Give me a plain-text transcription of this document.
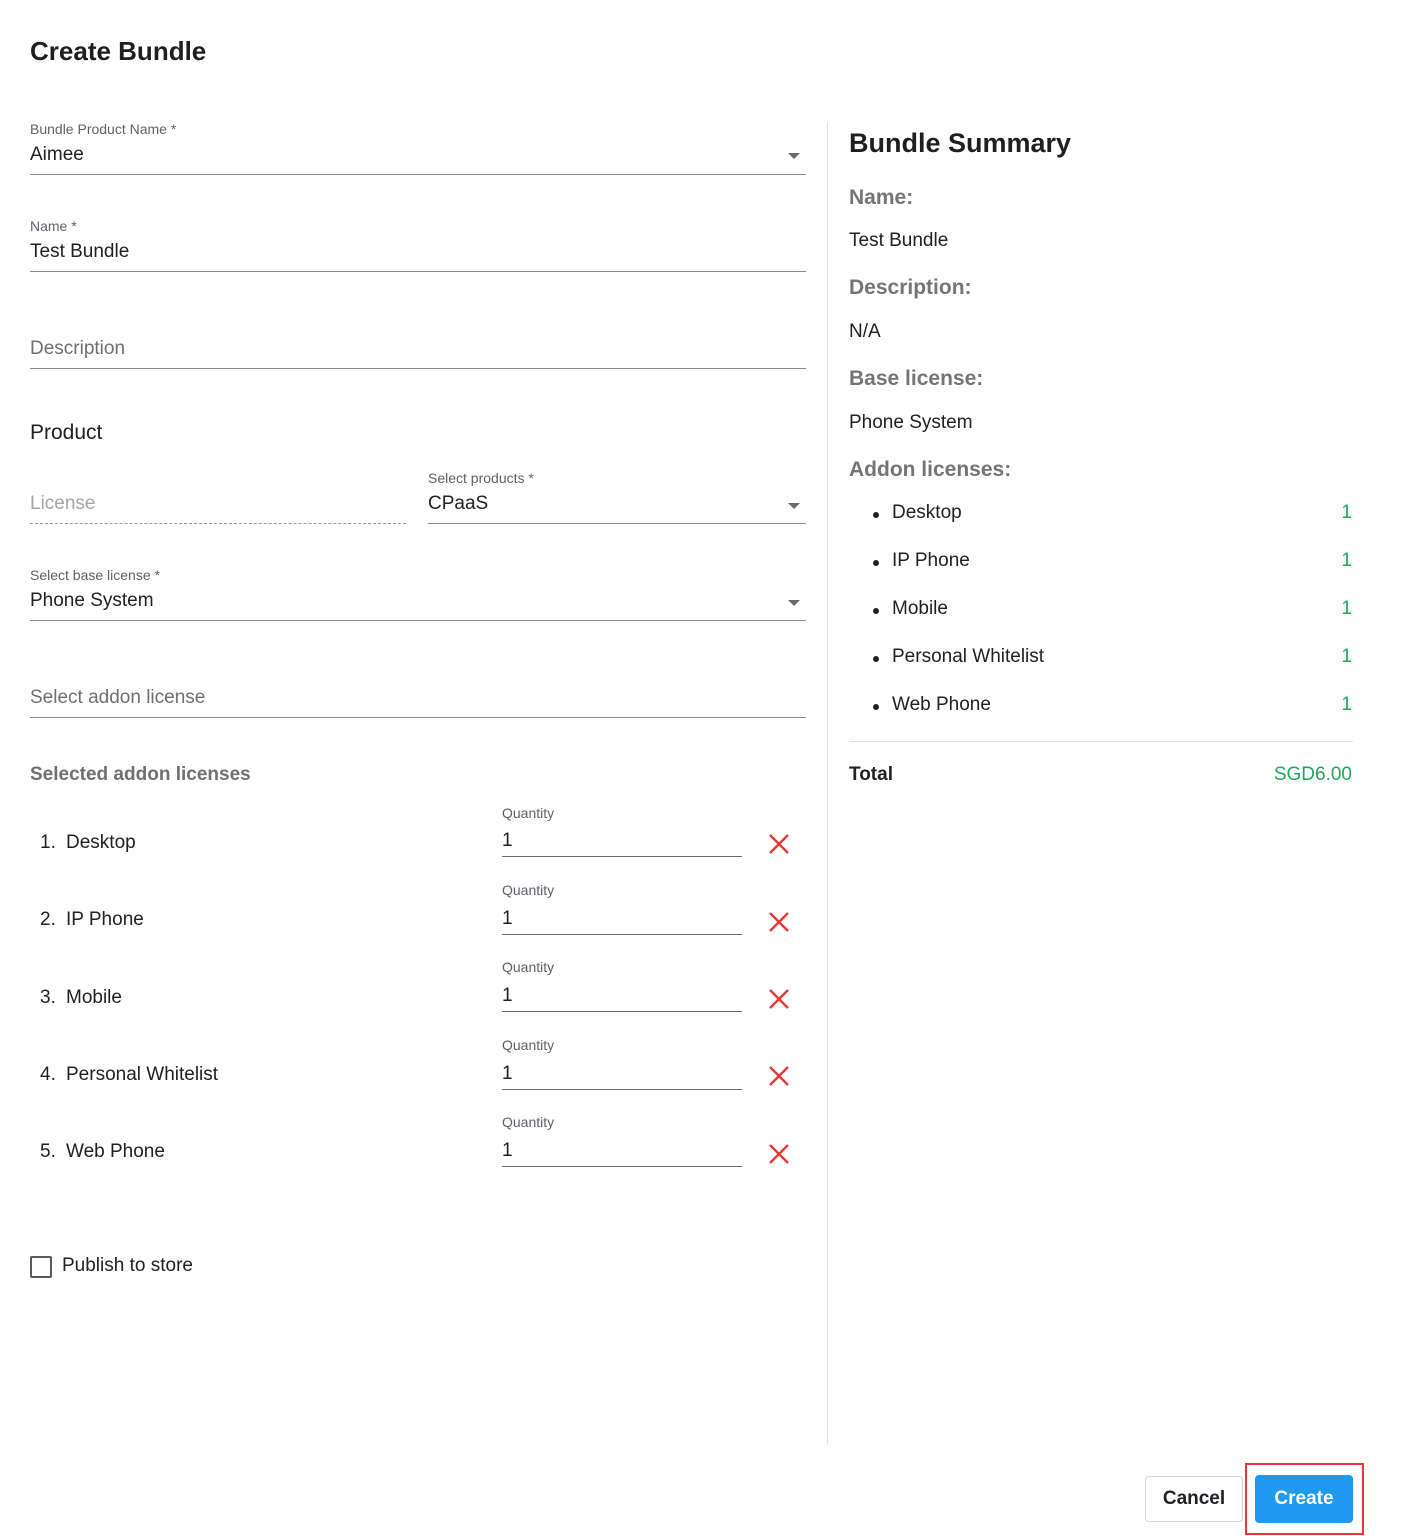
Create Bundle
Bundle Product Name *
Aimee
Name *
Test Bundle
Description
Product
License
Select products *
CPaaS
Select base license *
Phone System
Select addon license
Selected addon licenses
1. Desktop
Quantity
1
2. IP Phone
Quantity
1
3. Mobile
Quantity
1
4. Personal Whitelist
Quantity
1
5. Web Phone
Quantity
1
Publish to store
Bundle Summary
Name:
Test Bundle
Description:
N/A
Base license:
Phone System
Addon licenses:
Desktop	1
IP Phone	1
Mobile	1
Personal Whitelist	1
Web Phone	1
Total	SGD6.00
Cancel	Create
